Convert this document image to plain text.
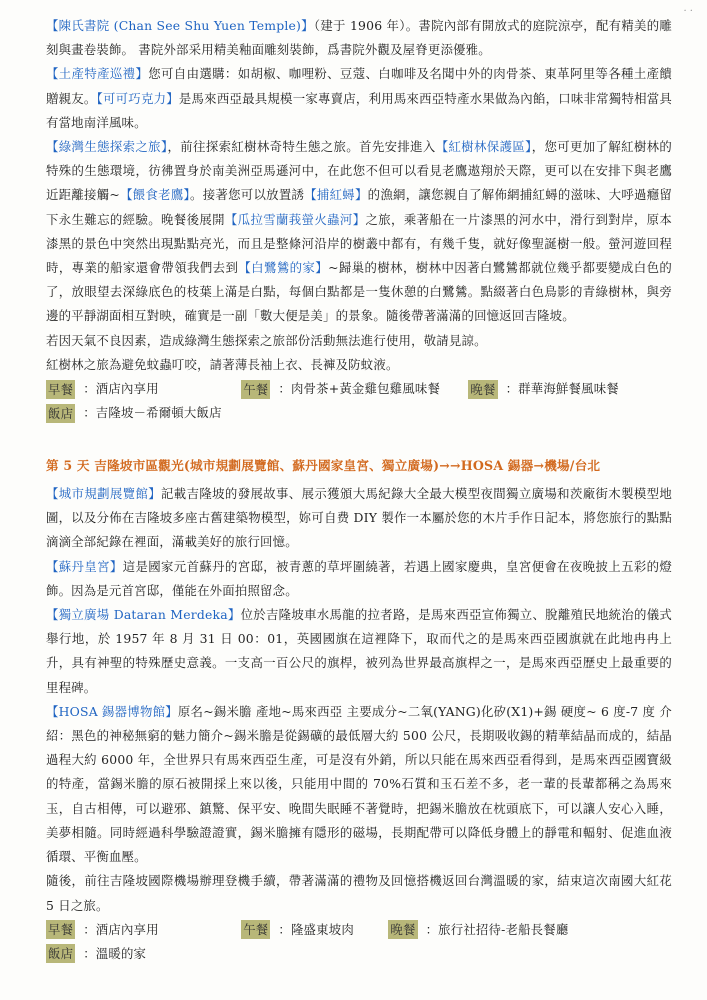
· ·

【陳氏書院 (Chan See Shu Yuen Temple)】（建于 1906 年）。書院內部有開放式的庭院涼亭，配有精美的雕刻與畫卷裝飾。 書院外部采用精美釉面雕刻裝飾，爲書院外觀及屋脊更添優雅。

【土產特產巡禮】您可自由選購：如胡椒、咖哩粉、豆蔻、白咖啡及名聞中外的肉骨茶、東革阿里等各種土產饋贈親友。【可可巧克力】是馬來西亞最具規模一家專賣店，利用馬來西亞特產水果做為內餡，口味非常獨特相當具有當地南洋風味。

【綠灣生態探索之旅】，前往探索紅樹林奇特生態之旅。首先安排進入【紅樹林保護區】，您可更加了解紅樹林的特殊的生態環境，彷彿置身於南美洲亞馬遜河中，在此您不但可以看見老鷹遨翔於天際，更可以在安排下與老鷹近距離接觸~【餵食老鷹】。接著您可以放置誘【捕紅蟳】的漁網，讓您親自了解佈網捕紅蟳的滋味、大呼過癮留下永生難忘的經驗。晚餐後展開【瓜拉雪蘭莪螢火蟲河】之旅，乘著船在一片漆黑的河水中，滑行到對岸，原本漆黑的景色中突然出現點點亮光，而且是整條河沿岸的樹叢中都有，有幾千隻，就好像聖誕樹一般。螢河遊回程時，專業的船家還會帶領我們去到【白鷺鷥的家】~歸巢的樹林，樹林中因著白鷺鷥都就位幾乎都要變成白色的了，放眼望去深綠底色的枝葉上滿是白點，每個白點都是一隻休憩的白鷺鷥。點綴著白色鳥影的青綠樹林，與旁邊的平靜湖面相互對映，確實是一副「數大便是美」的景象。隨後帶著滿滿的回憶返回吉隆坡。

若因天氣不良因素，造成綠灣生態探索之旅部份活動無法進行使用，敬請見諒。

紅樹林之旅為避免蚊蟲叮咬，請著薄長袖上衣、長褲及防蚊液。

早餐 ：酒店內享用	午餐 ：肉骨茶+黃金雞包雞風味餐	晚餐 ：群華海鮮餐風味餐
飯店 ：吉隆坡－希爾頓大飯店
第 5 天 吉隆坡市區觀光(城市規劃展覽館、蘇丹國家皇宮、獨立廣場)→→HOSA 錫器→機場/台北

【城市規劃展覽館】記載吉隆坡的發展故事、展示獲頒大馬紀錄大全最大模型夜間獨立廣場和茨廠街木製模型地圖，以及分佈在吉隆坡多座古舊建築物模型，妳可自费 DIY 製作一本屬於您的木片手作日記本，將您旅行的點點滴滴全部紀錄在裡面，滿載美好的旅行回憶。

【蘇丹皇宮】這是國家元首蘇丹的宮邸，被青蔥的草坪圍繞著，若遇上國家慶典，皇宮便會在夜晚披上五彩的燈飾。因為是元首宮邸，僅能在外面拍照留念。

【獨立廣場 Dataran Merdeka】位於吉隆坡車水馬龍的拉者路，是馬來西亞宣佈獨立、脫離殖民地統治的儀式舉行地，於 1957 年 8 月 31 日 00：01，英國國旗在這裡降下，取而代之的是馬來西亞國旗就在此地冉冉上升，具有神聖的特殊歷史意義。一支高一百公尺的旗桿，被列為世界最高旗桿之一，是馬來西亞歷史上最重要的里程碑。

【HOSA 錫器博物館】原名~錫米膽 產地~馬來西亞 主要成分~二氧(YANG)化矽(X1)+錫 硬度~ 6 度-7 度 介紹：黑色的神秘無窮的魅力簡介~錫米膽是從錫礦的最低層大約 500 公尺，長期吸收錫的精華結晶而成的，結晶過程大約 6000 年，全世界只有馬來西亞生產，可是沒有外銷，所以只能在馬來西亞看得到，是馬來西亞國寶級的特產，當錫米膽的原石被開採上來以後，只能用中間的 70%石質和玉石差不多，老一輩的長輩都稱之為馬來玉，自古相傳，可以避邪、鎮驚、保平安、晚間失眠睡不著覺時，把錫米膽放在枕頭底下，可以讓人安心入睡，美夢相隨。同時經過科學驗證證實，錫米膽擁有隱形的磁場，長期配帶可以降低身體上的靜電和輻射、促進血液循環、平衡血壓。

隨後，前往吉隆坡國際機場辦理登機手續，帶著滿滿的禮物及回憶搭機返回台灣溫暖的家，結束這次南國大紅花 5 日之旅。

早餐 ：酒店內享用	午餐 ：隆盛東坡肉	晚餐 ：旅行社招待-老船長餐廳
飯店 ：溫暖的家
